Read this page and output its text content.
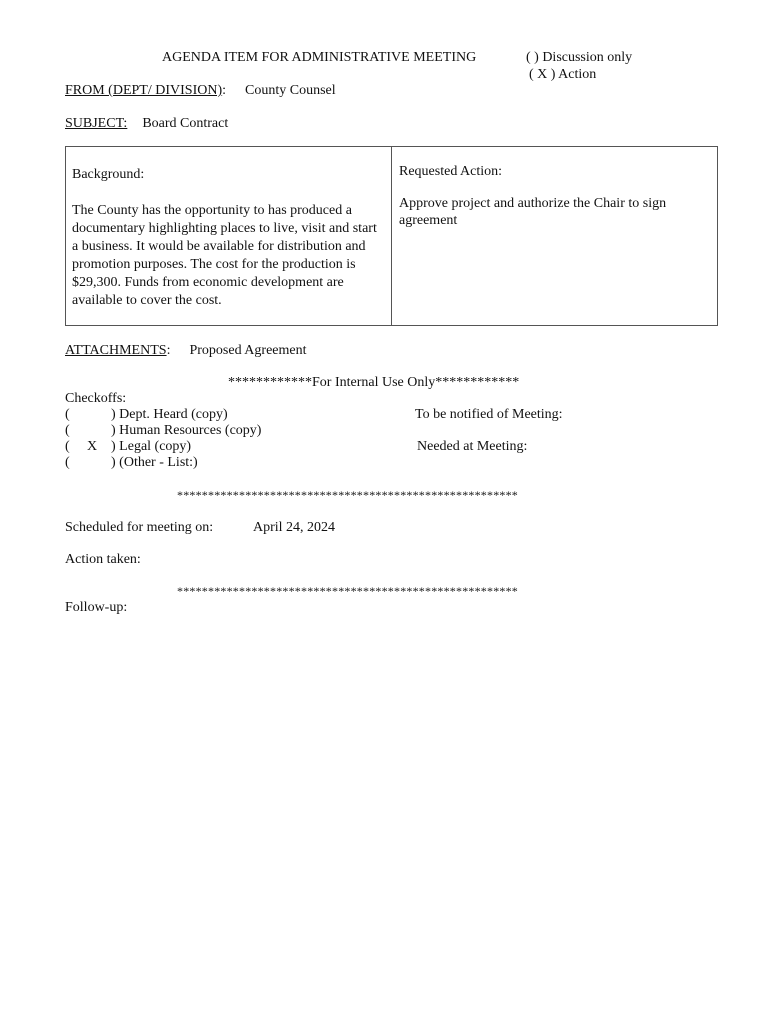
AGENDA ITEM FOR ADMINISTRATIVE MEETING	( ) Discussion only
( X ) Action
FROM (DEPT/ DIVISION): County Counsel
SUBJECT: Board Contract
Background:
The County has the opportunity to has produced a documentary highlighting places to live, visit and start a business. It would be available for distribution and promotion purposes. The cost for the production is $29,300. Funds from economic development are available to cover the cost.
Requested Action:
Approve project and authorize the Chair to sign agreement
ATTACHMENTS: Proposed Agreement
************For Internal Use Only************
Checkoffs:
(	) Dept. Heard (copy)
(	) Human Resources (copy)
( X ) Legal (copy)
(	) (Other - List:)
To be notified of Meeting:
Needed at Meeting:
*******************************************************
Scheduled for meeting on:	April 24, 2024
Action taken:
*******************************************************
Follow-up:
